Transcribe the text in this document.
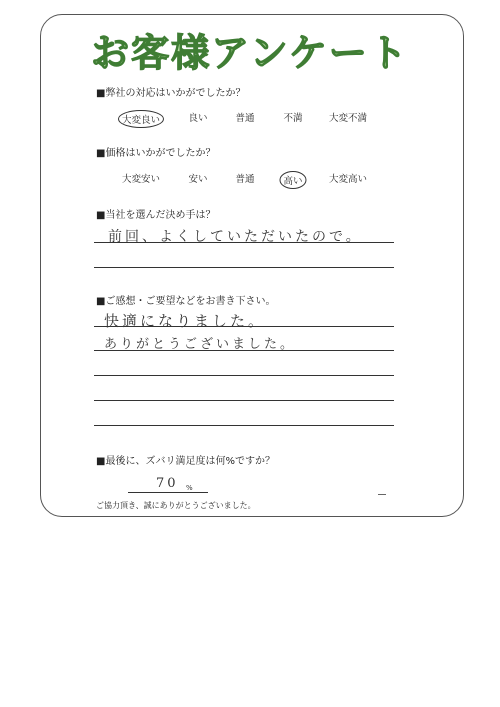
お客様アンケート
■弊社の対応はいかがでしたか？
大変良い	良い	普通	不満	大変不満
■価格はいかがでしたか？
大変安い	安い	普通	高い	大変高い
■当社を選んだ決め手は？
前回、よくしていただいたので。
■ご感想・ご要望などをお書き下さい。
快適になりました。
ありがとうございました。
■最後に、ズバリ満足度は何%ですか？
70 %
ご協力頂き、誠にありがとうございました。
